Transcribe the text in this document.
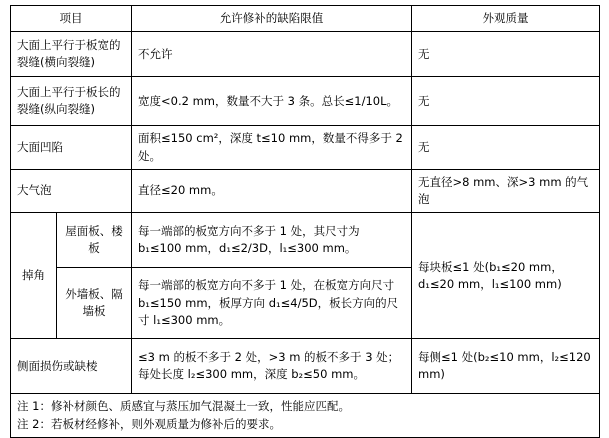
项目		允许修补的缺陷限值	外观质量
大面上平行于板宽的裂缝(横向裂缝)		不允许	无
大面上平行于板长的裂缝(纵向裂缝)		宽度<0.2 mm，数量不大于 3 条。总长≤1/10L。	无
大面凹陷		面积≤150 cm²，深度 t≤10 mm，数量不得多于 2 处。	无
大气泡		直径≤20 mm。	无直径>8 mm、深>3 mm 的气泡
掉角	屋面板、楼板	每一端部的板宽方向不多于 1 处，其尺寸为 b₁≤100 mm，d₁≤2/3D，l₁≤300 mm。	每块板≤1 处(b₁≤20 mm，d₁≤20 mm，l₁≤100 mm)
	外墙板、隔墙板	每一端部的板宽方向不多于 1 处，在板宽方向尺寸 b₁≤150 mm，板厚方向 d₁≤4/5D，板长方向的尺寸 l₁≤300 mm。	
侧面损伤或缺棱		≤3 m 的板不多于 2 处，>3 m 的板不多于 3 处；每处长度 l₂≤300 mm，深度 b₂≤50 mm。	每侧≤1 处(b₂≤10 mm，l₂≤120 mm)

注 1：修补材颜色、质感宜与蒸压加气混凝土一致，性能应匹配。
注 2：若板材经修补，则外观质量为修补后的要求。			
